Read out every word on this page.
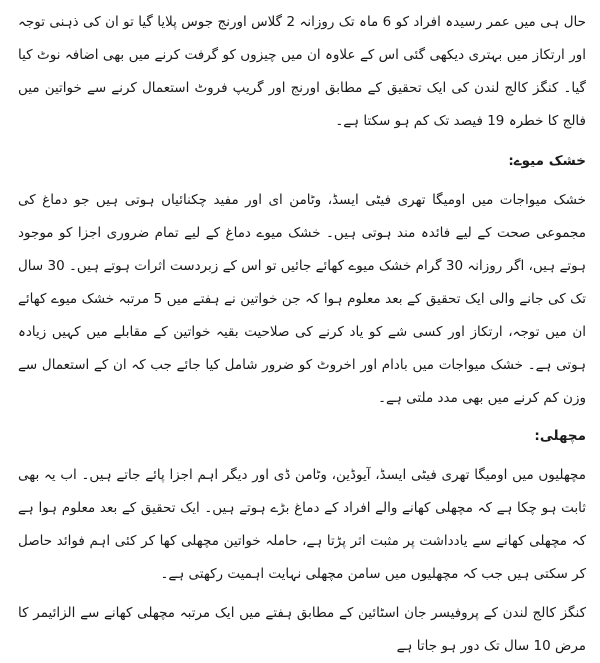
حال ہی میں عمر رسیدہ افراد کو 6 ماہ تک روزانہ 2 گلاس اورنج جوس پلایا گیا تو ان کی ذہنی توجہ اور ارتکاز میں بہتری دیکھی گئی اس کے علاوہ ان میں چیزوں کو گرفت کرنے میں بھی اضافہ نوٹ کیا گیا۔ کنگز کالج لندن کی ایک تحقیق کے مطابق اورنج اور گریپ فروٹ استعمال کرنے سے خواتین میں فالج کا خطرہ 19 فیصد تک کم ہو سکتا ہے۔

خشک میوے:

خشک میواجات میں اومیگا تھری فیٹی ایسڈ، وٹامن ای اور مفید چکنائیاں ہوتی ہیں جو دماغ کی مجموعی صحت کے لیے فائدہ مند ہوتی ہیں۔ خشک میوے دماغ کے لیے تمام ضروری اجزا کو موجود ہوتے ہیں، اگر روزانہ 30 گرام خشک میوے کھائے جائیں تو اس کے زبردست اثرات ہوتے ہیں۔ 30 سال تک کی جانے والی ایک تحقیق کے بعد معلوم ہوا کہ جن خواتین نے ہفتے میں 5 مرتبہ خشک میوے کھائے ان میں توجہ، ارتکاز اور کسی شے کو یاد کرنے کی صلاحیت بقیہ خواتین کے مقابلے میں کہیں زیادہ ہوتی ہے۔ خشک میواجات میں بادام اور اخروٹ کو ضرور شامل کیا جائے جب کہ ان کے استعمال سے وزن کم کرنے میں بھی مدد ملتی ہے۔

مچھلی:

مچھلیوں میں اومیگا تھری فیٹی ایسڈ، آیوڈین، وٹامن ڈی اور دیگر اہم اجزا پائے جاتے ہیں۔ اب یہ بھی ثابت ہو چکا ہے کہ مچھلی کھانے والے افراد کے دماغ بڑے ہوتے ہیں۔ ایک تحقیق کے بعد معلوم ہوا ہے کہ مچھلی کھانے سے یادداشت پر مثبت اثر پڑتا ہے، حاملہ خواتین مچھلی کھا کر کئی اہم فوائد حاصل کر سکتی ہیں جب کہ مچھلیوں میں سامن مچھلی نہایت اہمیت رکھتی ہے۔

کنگز کالج لندن کے پروفیسر جان اسٹائین کے مطابق ہفتے میں ایک مرتبہ مچھلی کھانے سے الزائیمر کا مرض 10 سال تک دور ہو جاتا ہے
